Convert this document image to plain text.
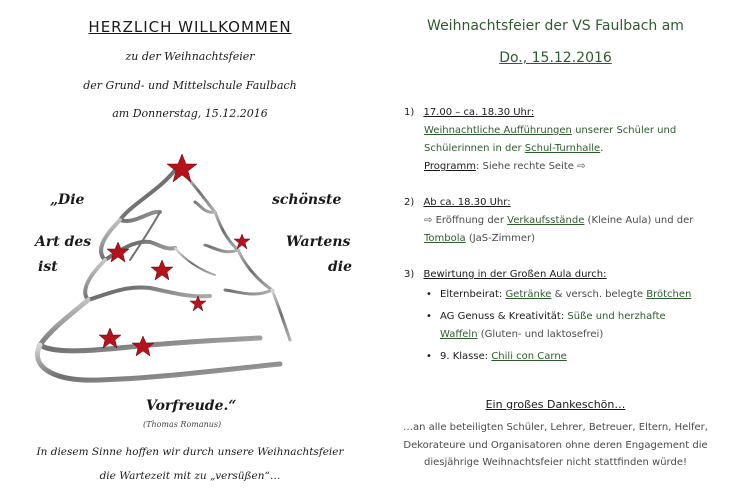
HERZLICH WILLKOMMEN
zu der Weihnachtsfeier
der Grund- und Mittelschule Faulbach
am Donnerstag, 15.12.2016
„Die	schönste
Art des	Wartens
ist	die
Vorfreude.“
(Thomas Romanus)
In diesem Sinne hoffen wir durch unsere Weihnachtsfeier
die Wartezeit mit zu „versüßen“…
Weihnachtsfeier der VS Faulbach am
Do., 15.12.2016
1) 17.00 – ca. 18.30 Uhr:
Weihnachtliche Aufführungen unserer Schüler und
Schülerinnen in der Schul-Turnhalle.
Programm: Siehe rechte Seite ⇨
2) Ab ca. 18.30 Uhr:
⇨ Eröffnung der Verkaufsstände (Kleine Aula) und der
Tombola (JaS-Zimmer)
3) Bewirtung in der Großen Aula durch:
• Elternbeirat: Getränke & versch. belegte Brötchen
• AG Genuss & Kreativität: Süße und herzhafte
Waffeln (Gluten- und laktosefrei)
• 9. Klasse: Chili con Carne
Ein großes Dankeschön…
…an alle beteiligten Schüler, Lehrer, Betreuer, Eltern, Helfer,
Dekorateure und Organisatoren ohne deren Engagement die
diesjährige Weihnachtsfeier nicht stattfinden würde!
